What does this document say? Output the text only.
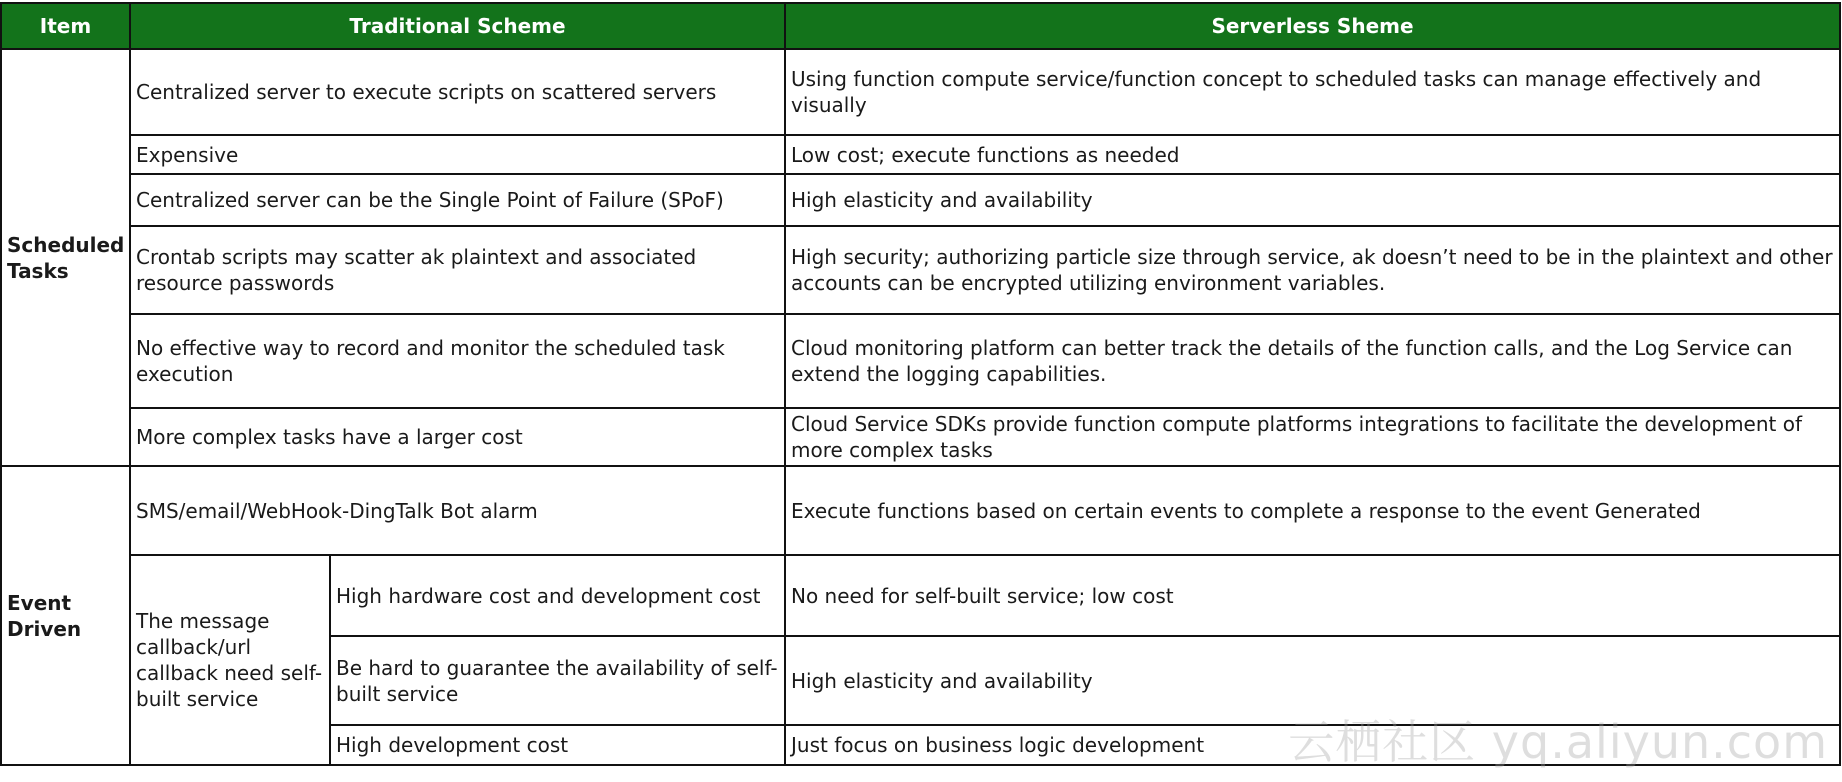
Item	Traditional Scheme		Serverless Sheme

Scheduled
Tasks	Centralized server to execute scripts on scattered servers		Using function compute service/function concept to scheduled tasks can manage effectively and visually
	Expensive		Low cost; execute functions as needed
	Centralized server can be the Single Point of Failure (SPoF)		High elasticity and availability
	Crontab scripts may scatter ak plaintext and associated resource passwords		High security; authorizing particle size through service, ak doesn’t need to be in the plaintext and other accounts can be encrypted utilizing environment variables.
	No effective way to record and monitor the scheduled task execution		Cloud monitoring platform can better track the details of the function calls, and the Log Service can extend the logging capabilities.
	More complex tasks have a larger cost		Cloud Service SDKs provide function compute platforms integrations to facilitate the development of more complex tasks

Event
Driven	SMS/email/WebHook-DingTalk Bot alarm		Execute functions based on certain events to complete a response to the event Generated
	The message callback/url callback need self-built service	High hardware cost and development cost	No need for self-built service; low cost
		Be hard to guarantee the availability of self-built service	High elasticity and availability
		High development cost	Just focus on business logic development 云栖社区 yq.aliyun.com
